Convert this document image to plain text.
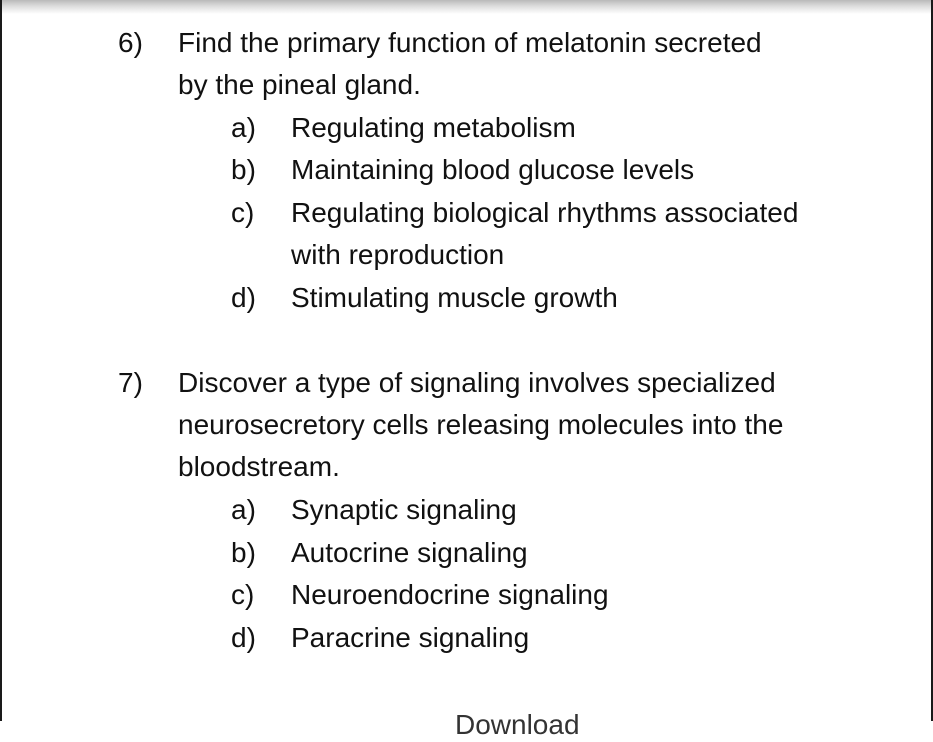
6) Find the primary function of melatonin secreted
by the pineal gland.
a) Regulating metabolism
b) Maintaining blood glucose levels
c) Regulating biological rhythms associated
with reproduction
d) Stimulating muscle growth
7) Discover a type of signaling involves specialized
neurosecretory cells releasing molecules into the
bloodstream.
a) Synaptic signaling
b) Autocrine signaling
c) Neuroendocrine signaling
d) Paracrine signaling
Download
